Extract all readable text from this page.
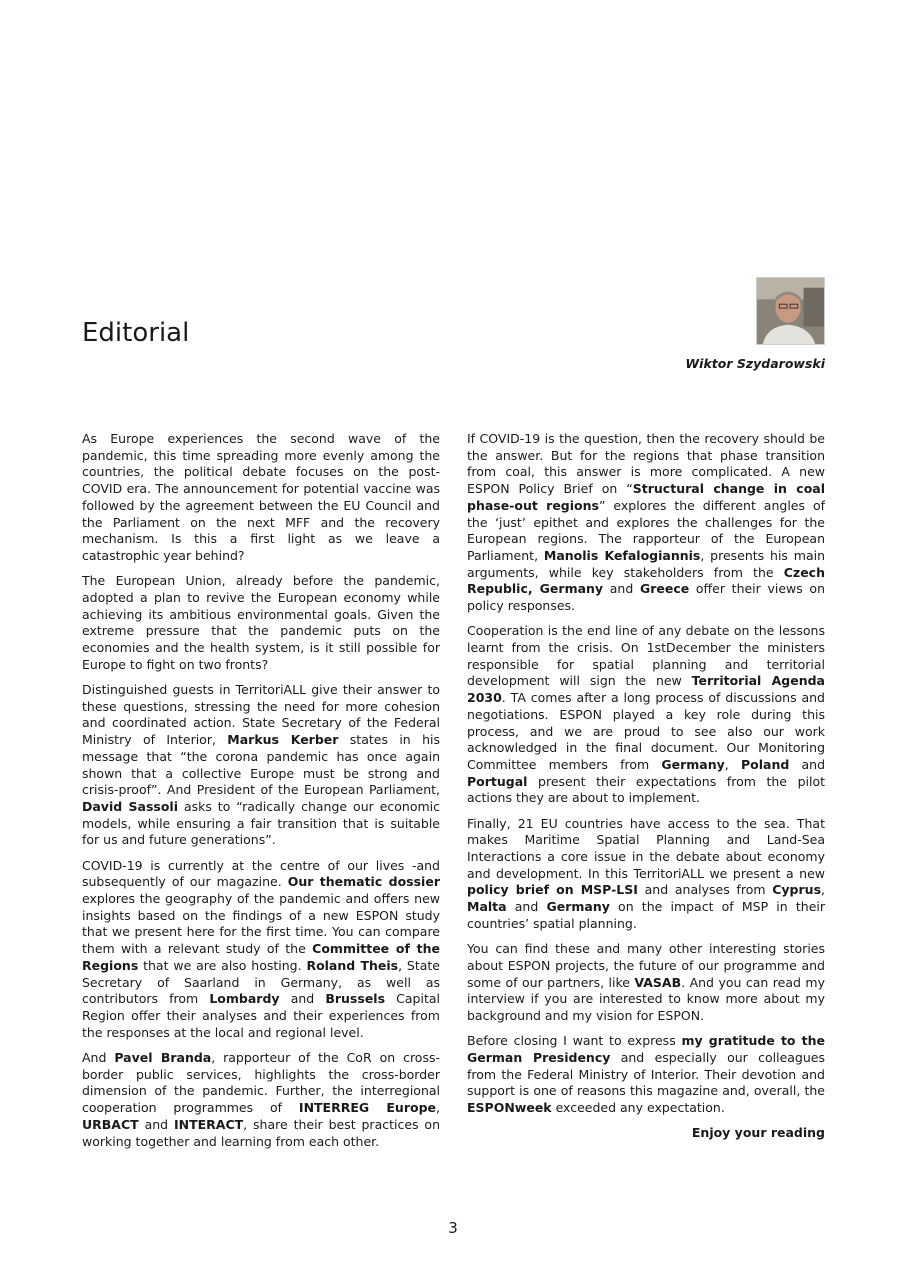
Editorial

Wiktor Szydarowski

As Europe experiences the second wave of the pandemic, this time spreading more evenly among the countries, the political debate focuses on the post-COVID era. The announcement for potential vaccine was followed by the agreement between the EU Council and the Parliament on the next MFF and the recovery mechanism. Is this a first light as we leave a catastrophic year behind?

The European Union, already before the pandemic, adopted a plan to revive the European economy while achieving its ambitious environmental goals. Given the extreme pressure that the pandemic puts on the economies and the health system, is it still possible for Europe to fight on two fronts?

Distinguished guests in TerritoriALL give their answer to these questions, stressing the need for more cohesion and coordinated action. State Secretary of the Federal Ministry of Interior, Markus Kerber states in his message that “the corona pandemic has once again shown that a collective Europe must be strong and crisis-proof”. And President of the European Parliament, David Sassoli asks to “radically change our economic models, while ensuring a fair transition that is suitable for us and future generations”.

COVID-19 is currently at the centre of our lives -and subsequently of our magazine. Our thematic dossier explores the geography of the pandemic and offers new insights based on the findings of a new ESPON study that we present here for the first time. You can compare them with a relevant study of the Committee of the Regions that we are also hosting. Roland Theis, State Secretary of Saarland in Germany, as well as contributors from Lombardy and Brussels Capital Region offer their analyses and their experiences from the responses at the local and regional level.

And Pavel Branda, rapporteur of the CoR on cross-border public services, highlights the cross-border dimension of the pandemic. Further, the interregional cooperation programmes of INTERREG Europe, URBACT and INTERACT, share their best practices on working together and learning from each other.

If COVID-19 is the question, then the recovery should be the answer. But for the regions that phase transition from coal, this answer is more complicated. A new ESPON Policy Brief on “Structural change in coal phase-out regions” explores the different angles of the ‘just’ epithet and explores the challenges for the European regions. The rapporteur of the European Parliament, Manolis Kefalogiannis, presents his main arguments, while key stakeholders from the Czech Republic, Germany and Greece offer their views on policy responses.

Cooperation is the end line of any debate on the lessons learnt from the crisis. On 1stDecember the ministers responsible for spatial planning and territorial development will sign the new Territorial Agenda 2030. TA comes after a long process of discussions and negotiations. ESPON played a key role during this process, and we are proud to see also our work acknowledged in the final document. Our Monitoring Committee members from Germany, Poland and Portugal present their expectations from the pilot actions they are about to implement.

Finally, 21 EU countries have access to the sea. That makes Maritime Spatial Planning and Land-Sea Interactions a core issue in the debate about economy and development. In this TerritoriALL we present a new policy brief on MSP-LSI and analyses from Cyprus, Malta and Germany on the impact of MSP in their countries’ spatial planning.

You can find these and many other interesting stories about ESPON projects, the future of our programme and some of our partners, like VASAB. And you can read my interview if you are interested to know more about my background and my vision for ESPON.

Before closing I want to express my gratitude to the German Presidency and especially our colleagues from the Federal Ministry of Interior. Their devotion and support is one of reasons this magazine and, overall, the ESPONweek exceeded any expectation.

Enjoy your reading

3
